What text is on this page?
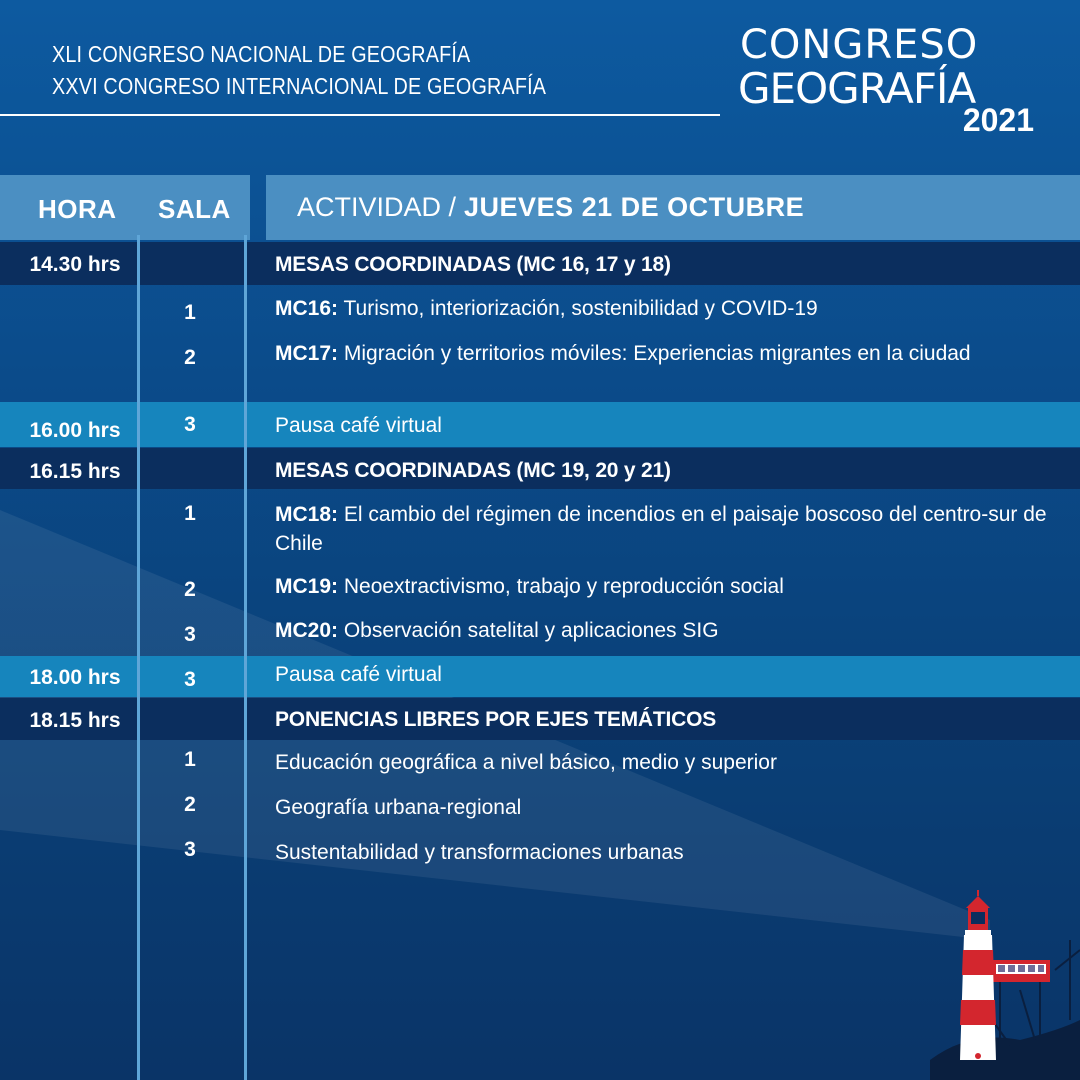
XLI CONGRESO NACIONAL DE GEOGRAFÍA
XXVI CONGRESO INTERNACIONAL DE GEOGRAFÍA
CONGRESO
GEOGRAFÍA
2021
HORA SALA ACTIVIDAD / JUEVES 21 DE OCTUBRE
14.30 hrs	MESAS COORDINADAS (MC 16, 17 y 18)
1	MC16: Turismo, interiorización, sostenibilidad y COVID-19
2	MC17: Migración y territorios móviles: Experiencias migrantes en la ciudad
16.00 hrs	3	Pausa café virtual
16.15 hrs	MESAS COORDINADAS (MC 19, 20 y 21)
1	MC18: El cambio del régimen de incendios en el paisaje boscoso del centro-sur de Chile
2	MC19: Neoextractivismo, trabajo y reproducción social
3	MC20: Observación satelital y aplicaciones SIG
18.00 hrs	3	Pausa café virtual
18.15 hrs	PONENCIAS LIBRES POR EJES TEMÁTICOS
1	Educación geográfica a nivel básico, medio y superior
2	Geografía urbana-regional
3	Sustentabilidad y transformaciones urbanas
